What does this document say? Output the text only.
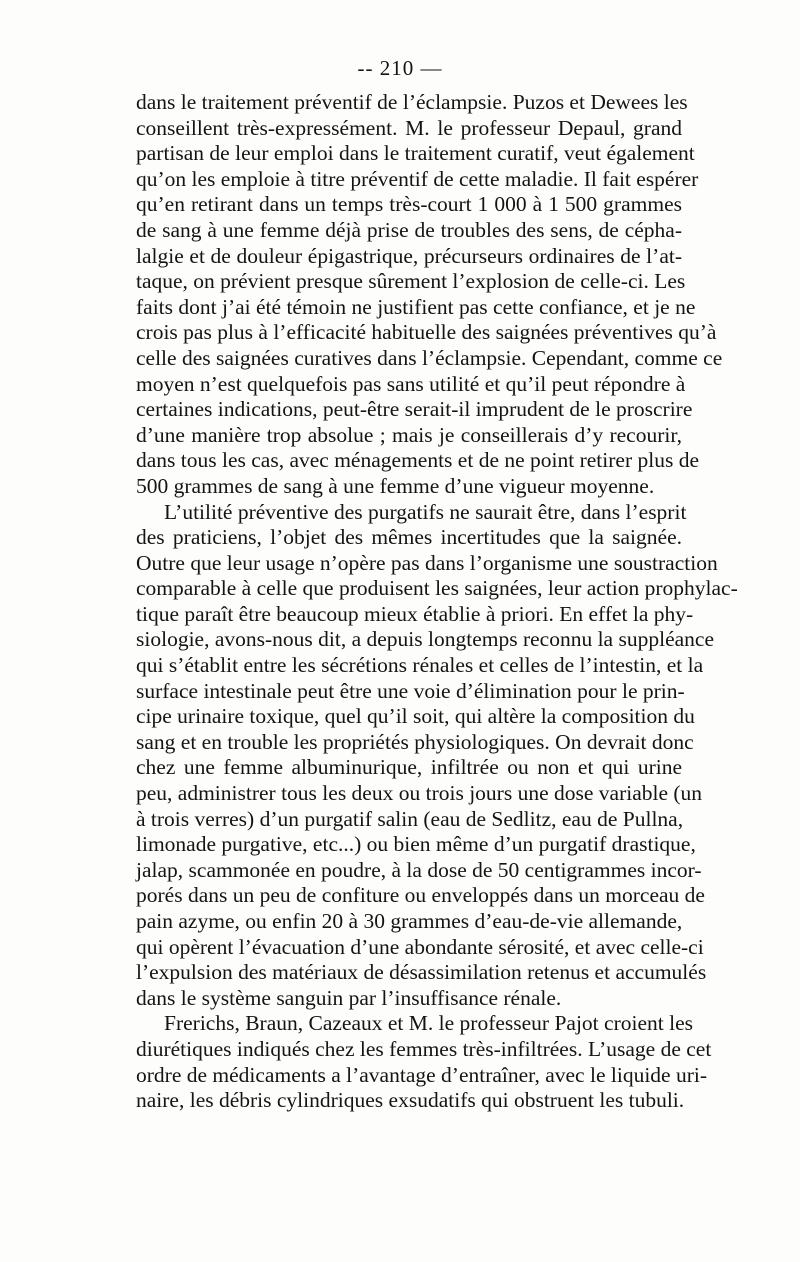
-- 210 —
dans le traitement préventif de l’éclampsie. Puzos et Dewees les
conseillent très-expressément. M. le professeur Depaul, grand
partisan de leur emploi dans le traitement curatif, veut également
qu’on les emploie à titre préventif de cette maladie. Il fait espérer
qu’en retirant dans un temps très-court 1 000 à 1 500 grammes
de sang à une femme déjà prise de troubles des sens, de cépha-
lalgie et de douleur épigastrique, précurseurs ordinaires de l’at-
taque, on prévient presque sûrement l’explosion de celle-ci. Les
faits dont j’ai été témoin ne justifient pas cette confiance, et je ne
crois pas plus à l’efficacité habituelle des saignées préventives qu’à
celle des saignées curatives dans l’éclampsie. Cependant, comme ce
moyen n’est quelquefois pas sans utilité et qu’il peut répondre à
certaines indications, peut-être serait-il imprudent de le proscrire
d’une manière trop absolue ; mais je conseillerais d’y recourir,
dans tous les cas, avec ménagements et de ne point retirer plus de
500 grammes de sang à une femme d’une vigueur moyenne.
L’utilité préventive des purgatifs ne saurait être, dans l’esprit
des praticiens, l’objet des mêmes incertitudes que la saignée.
Outre que leur usage n’opère pas dans l’organisme une soustraction
comparable à celle que produisent les saignées, leur action prophylac-
tique paraît être beaucoup mieux établie à priori. En effet la phy-
siologie, avons-nous dit, a depuis longtemps reconnu la suppléance
qui s’établit entre les sécrétions rénales et celles de l’intestin, et la
surface intestinale peut être une voie d’élimination pour le prin-
cipe urinaire toxique, quel qu’il soit, qui altère la composition du
sang et en trouble les propriétés physiologiques. On devrait donc
chez une femme albuminurique, infiltrée ou non et qui urine
peu, administrer tous les deux ou trois jours une dose variable (un
à trois verres) d’un purgatif salin (eau de Sedlitz, eau de Pullna,
limonade purgative, etc...) ou bien même d’un purgatif drastique,
jalap, scammonée en poudre, à la dose de 50 centigrammes incor-
porés dans un peu de confiture ou enveloppés dans un morceau de
pain azyme, ou enfin 20 à 30 grammes d’eau-de-vie allemande,
qui opèrent l’évacuation d’une abondante sérosité, et avec celle-ci
l’expulsion des matériaux de désassimilation retenus et accumulés
dans le système sanguin par l’insuffisance rénale.
Frerichs, Braun, Cazeaux et M. le professeur Pajot croient les
diurétiques indiqués chez les femmes très-infiltrées. L’usage de cet
ordre de médicaments a l’avantage d’entraîner, avec le liquide uri-
naire, les débris cylindriques exsudatifs qui obstruent les tubuli.
